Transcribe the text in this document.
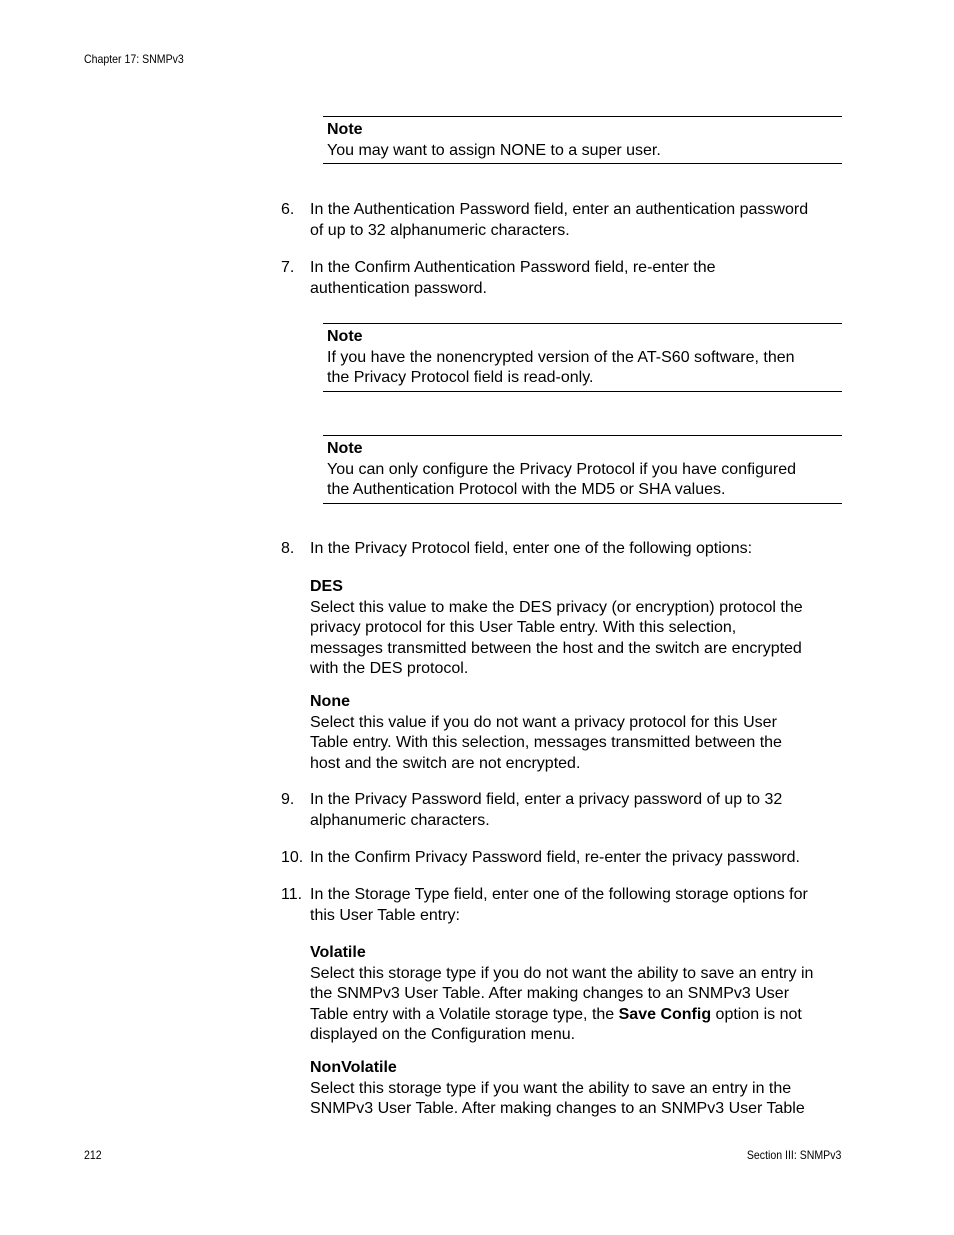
Chapter 17: SNMPv3
Note
You may want to assign NONE to a super user.
6. In the Authentication Password field, enter an authentication password
of up to 32 alphanumeric characters.
7. In the Confirm Authentication Password field, re-enter the
authentication password.
Note
If you have the nonencrypted version of the AT-S60 software, then
the Privacy Protocol field is read-only.
Note
You can only configure the Privacy Protocol if you have configured
the Authentication Protocol with the MD5 or SHA values.
8. In the Privacy Protocol field, enter one of the following options:
DES
Select this value to make the DES privacy (or encryption) protocol the
privacy protocol for this User Table entry. With this selection,
messages transmitted between the host and the switch are encrypted
with the DES protocol.
None
Select this value if you do not want a privacy protocol for this User
Table entry. With this selection, messages transmitted between the
host and the switch are not encrypted.
9. In the Privacy Password field, enter a privacy password of up to 32
alphanumeric characters.
10. In the Confirm Privacy Password field, re-enter the privacy password.
11. In the Storage Type field, enter one of the following storage options for
this User Table entry:
Volatile
Select this storage type if you do not want the ability to save an entry in
the SNMPv3 User Table. After making changes to an SNMPv3 User
Table entry with a Volatile storage type, the Save Config option is not
displayed on the Configuration menu.
NonVolatile
Select this storage type if you want the ability to save an entry in the
SNMPv3 User Table. After making changes to an SNMPv3 User Table
212	Section III: SNMPv3
